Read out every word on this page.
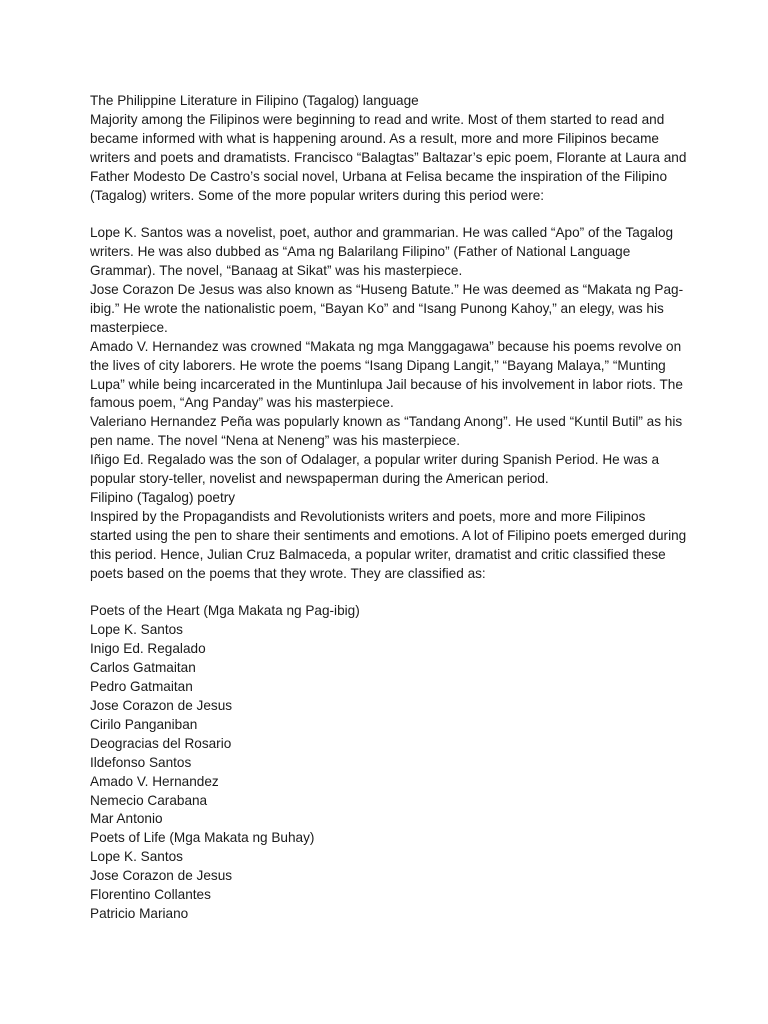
The Philippine Literature in Filipino (Tagalog) language

Majority among the Filipinos were beginning to read and write. Most of them started to read and became informed with what is happening around. As a result, more and more Filipinos became writers and poets and dramatists. Francisco “Balagtas” Baltazar’s epic poem, Florante at Laura and Father Modesto De Castro’s social novel, Urbana at Felisa became the inspiration of the Filipino (Tagalog) writers. Some of the more popular writers during this period were:

Lope K. Santos was a novelist, poet, author and grammarian. He was called “Apo” of the Tagalog writers. He was also dubbed as “Ama ng Balarilang Filipino” (Father of National Language Grammar). The novel, “Banaag at Sikat” was his masterpiece.

Jose Corazon De Jesus was also known as “Huseng Batute.” He was deemed as “Makata ng Pag-ibig.” He wrote the nationalistic poem, “Bayan Ko” and “Isang Punong Kahoy,” an elegy, was his masterpiece.

Amado V. Hernandez was crowned “Makata ng mga Manggagawa” because his poems revolve on the lives of city laborers. He wrote the poems “Isang Dipang Langit,” “Bayang Malaya,” “Munting Lupa” while being incarcerated in the Muntinlupa Jail because of his involvement in labor riots. The famous poem, “Ang Panday” was his masterpiece.

Valeriano Hernandez Peña was popularly known as “Tandang Anong”. He used “Kuntil Butil” as his pen name. The novel “Nena at Neneng” was his masterpiece.

Iñigo Ed. Regalado was the son of Odalager, a popular writer during Spanish Period. He was a popular story-teller, novelist and newspaperman during the American period.

Filipino (Tagalog) poetry

Inspired by the Propagandists and Revolutionists writers and poets, more and more Filipinos started using the pen to share their sentiments and emotions. A lot of Filipino poets emerged during this period. Hence, Julian Cruz Balmaceda, a popular writer, dramatist and critic classified these poets based on the poems that they wrote. They are classified as:

Poets of the Heart (Mga Makata ng Pag-ibig)

Lope K. Santos

Inigo Ed. Regalado

Carlos Gatmaitan

Pedro Gatmaitan

Jose Corazon de Jesus

Cirilo Panganiban

Deogracias del Rosario

Ildefonso Santos

Amado V. Hernandez

Nemecio Carabana

Mar Antonio

Poets of Life (Mga Makata ng Buhay)

Lope K. Santos

Jose Corazon de Jesus

Florentino Collantes

Patricio Mariano
